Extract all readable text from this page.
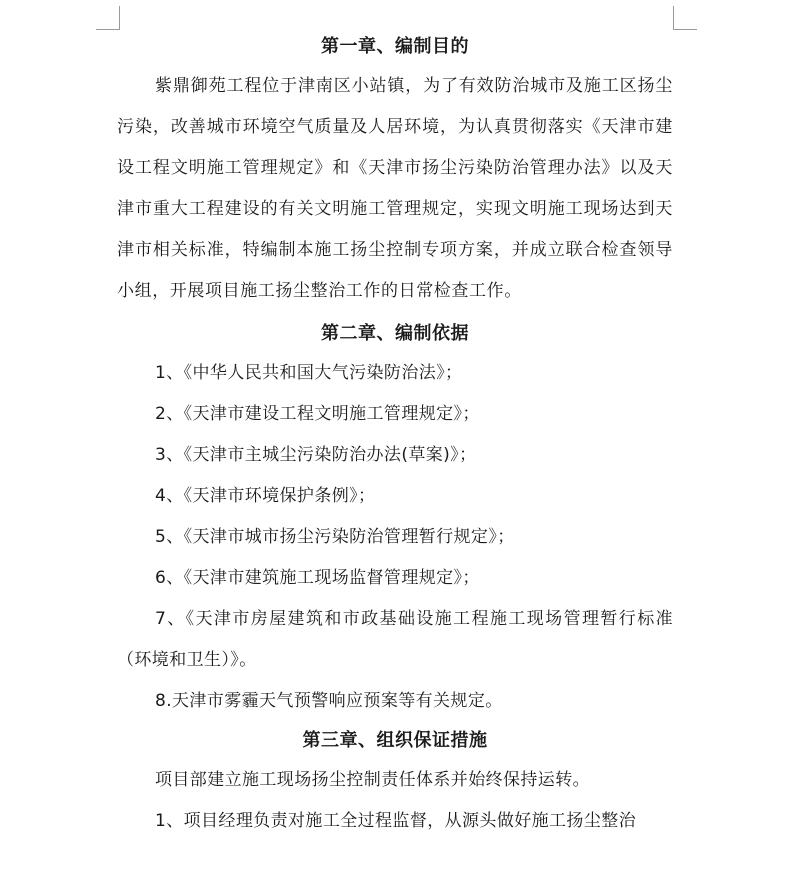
第一章、编制目的

紫鼎御苑工程位于津南区小站镇，为了有效防治城市及施工区扬尘污染，改善城市环境空气质量及人居环境，为认真贯彻落实《天津市建设工程文明施工管理规定》和《天津市扬尘污染防治管理办法》以及天津市重大工程建设的有关文明施工管理规定，实现文明施工现场达到天津市相关标准，特编制本施工扬尘控制专项方案，并成立联合检查领导小组，开展项目施工扬尘整治工作的日常检查工作。

第二章、编制依据
1、《中华人民共和国大气污染防治法》；
2、《天津市建设工程文明施工管理规定》；
3、《天津市主城尘污染防治办法(草案)》；
4、《天津市环境保护条例》；
5、《天津市城市扬尘污染防治管理暂行规定》；
6、《天津市建筑施工现场监督管理规定》；
7、《天津市房屋建筑和市政基础设施工程施工现场管理暂行标准（环境和卫生）》。
8.天津市雾霾天气预警响应预案等有关规定。
第三章、组织保证措施
项目部建立施工现场扬尘控制责任体系并始终保持运转。
1、项目经理负责对施工全过程监督，从源头做好施工扬尘整治
